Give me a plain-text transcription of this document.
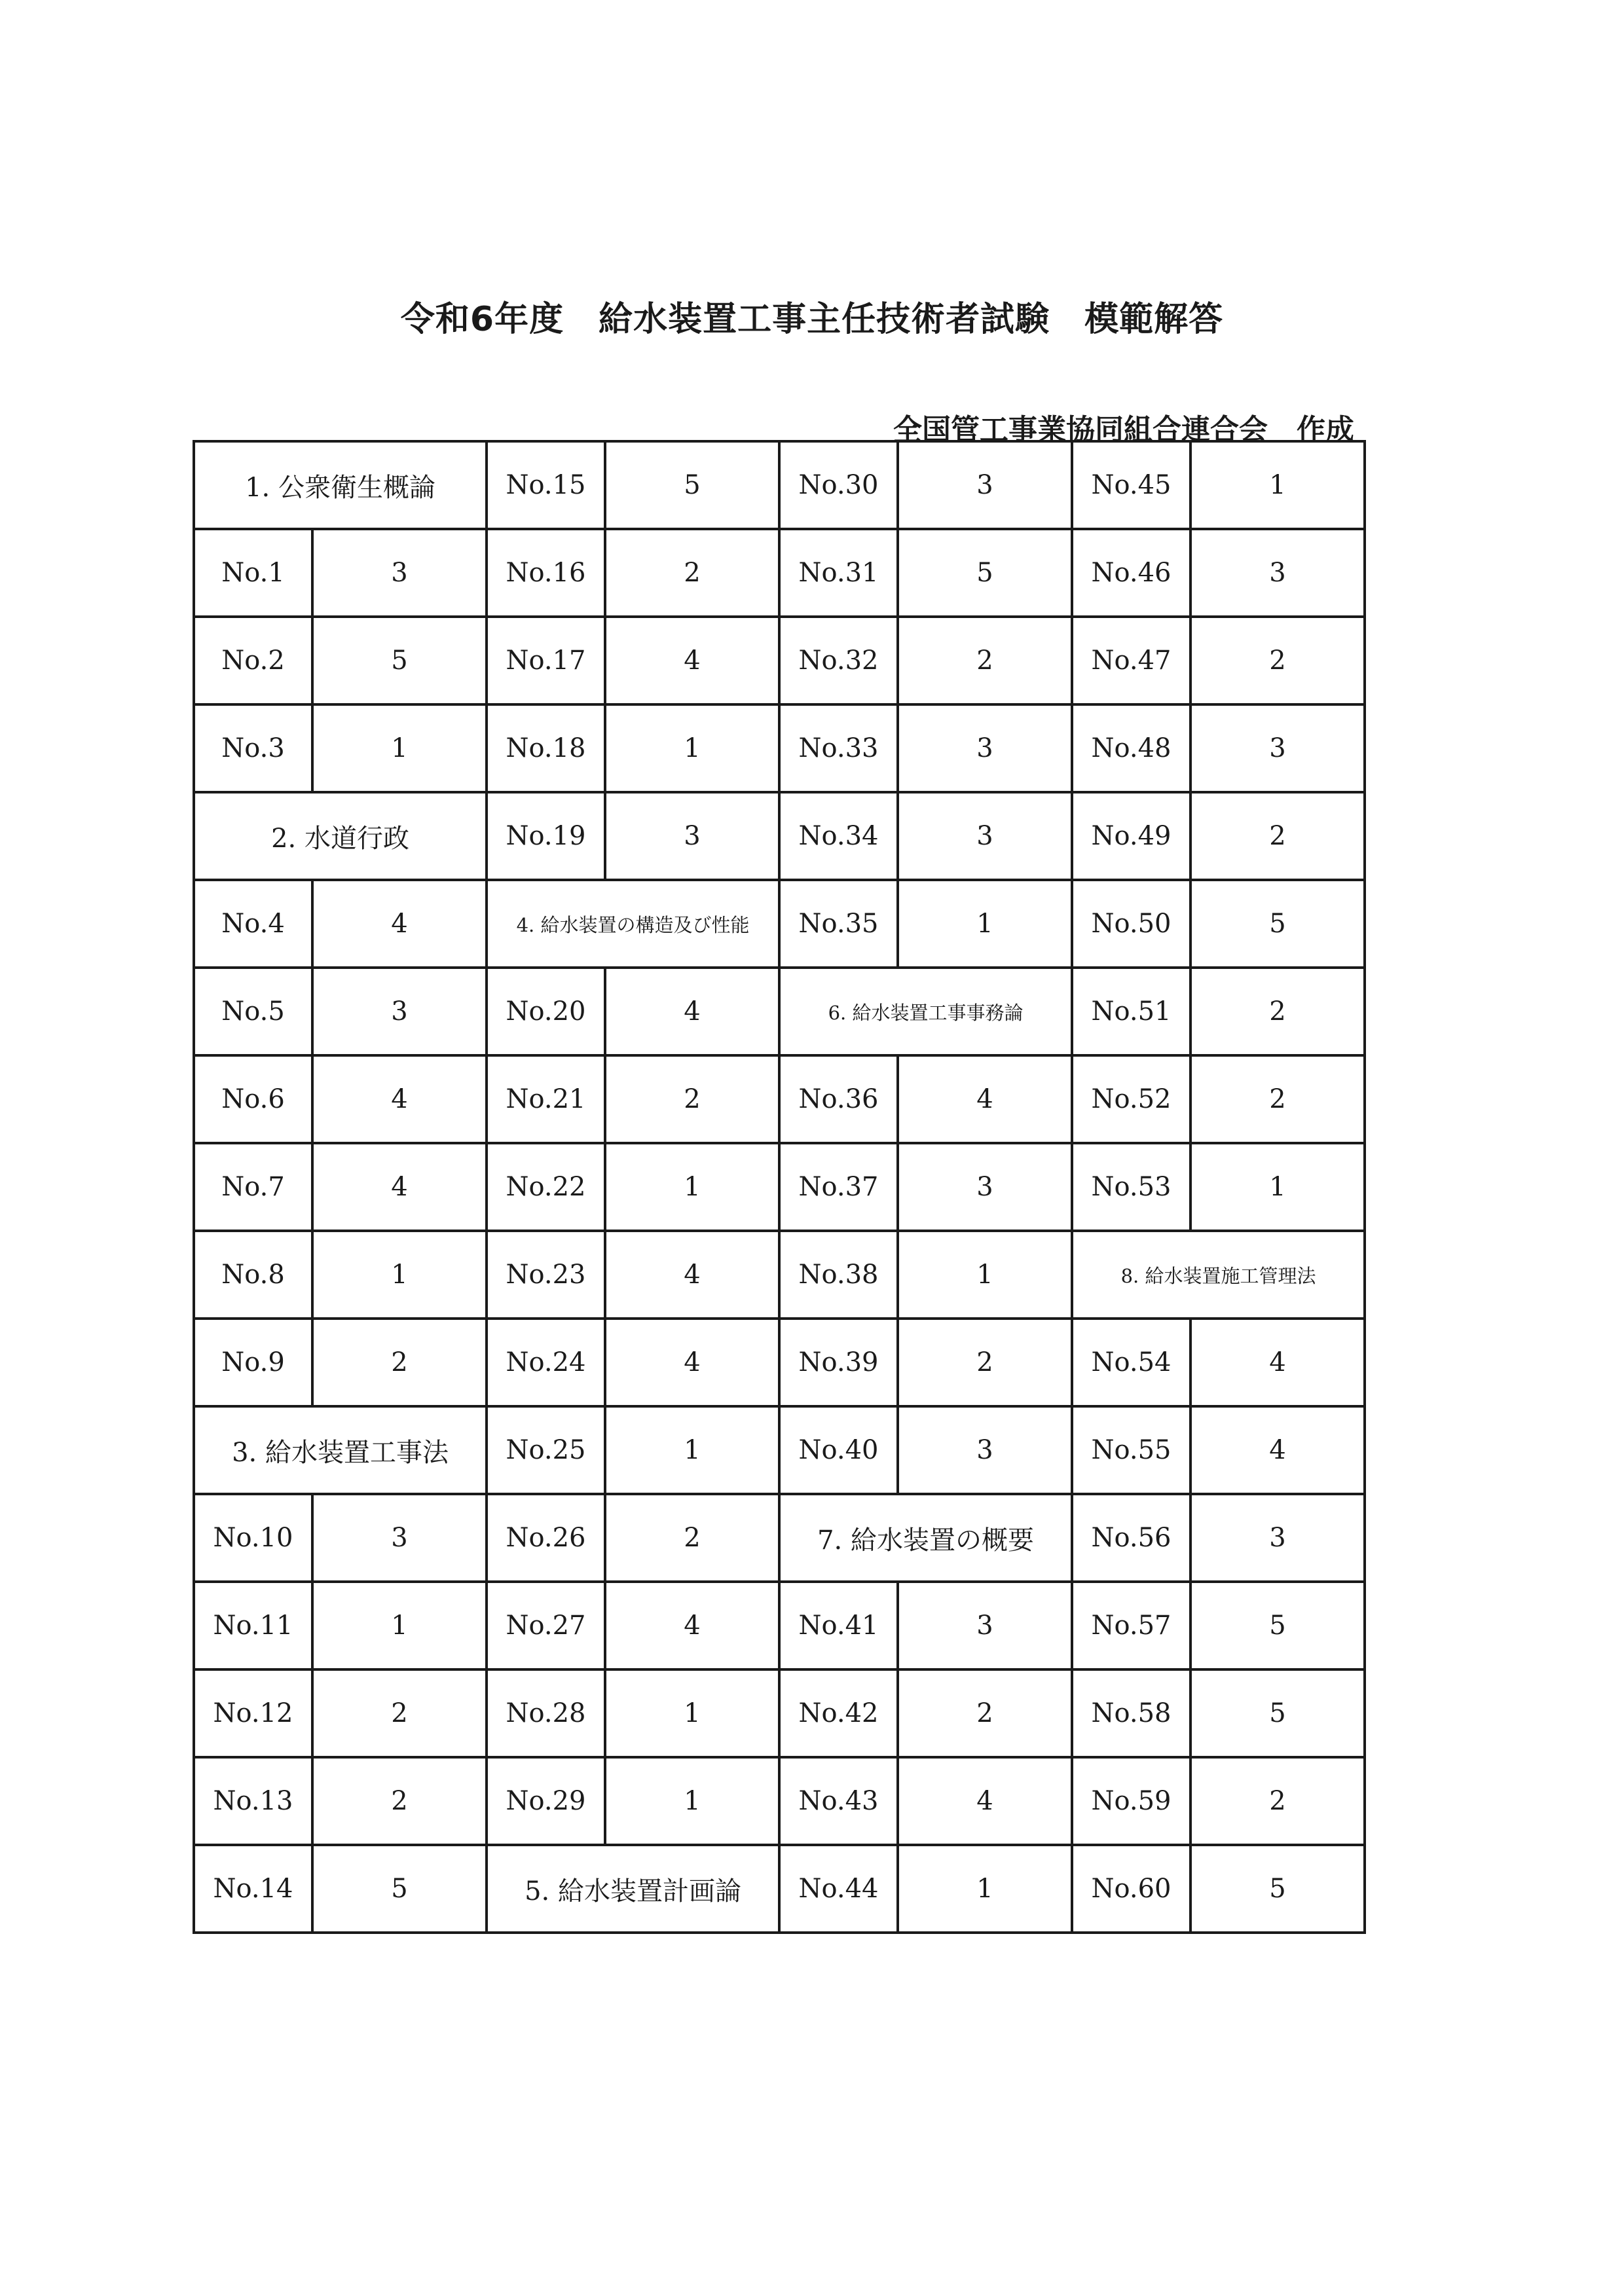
令和6年度　給水装置工事主任技術者試験　模範解答
全国管工事業協同組合連合会　作成
1. 公衆衛生概論		No.15	5	No.30	3	No.45	1
No.1	3	No.16	2	No.31	5	No.46	3
No.2	5	No.17	4	No.32	2	No.47	2
No.3	1	No.18	1	No.33	3	No.48	3
2. 水道行政		No.19	3	No.34	3	No.49	2
No.4	4	4. 給水装置の構造及び性能		No.35	1	No.50	5
No.5	3	No.20	4	6. 給水装置工事事務論		No.51	2
No.6	4	No.21	2	No.36	4	No.52	2
No.7	4	No.22	1	No.37	3	No.53	1
No.8	1	No.23	4	No.38	1	8. 給水装置施工管理法	
No.9	2	No.24	4	No.39	2	No.54	4
3. 給水装置工事法		No.25	1	No.40	3	No.55	4
No.10	3	No.26	2	7. 給水装置の概要		No.56	3
No.11	1	No.27	4	No.41	3	No.57	5
No.12	2	No.28	1	No.42	2	No.58	5
No.13	2	No.29	1	No.43	4	No.59	2
No.14	5	5. 給水装置計画論		No.44	1	No.60	5
